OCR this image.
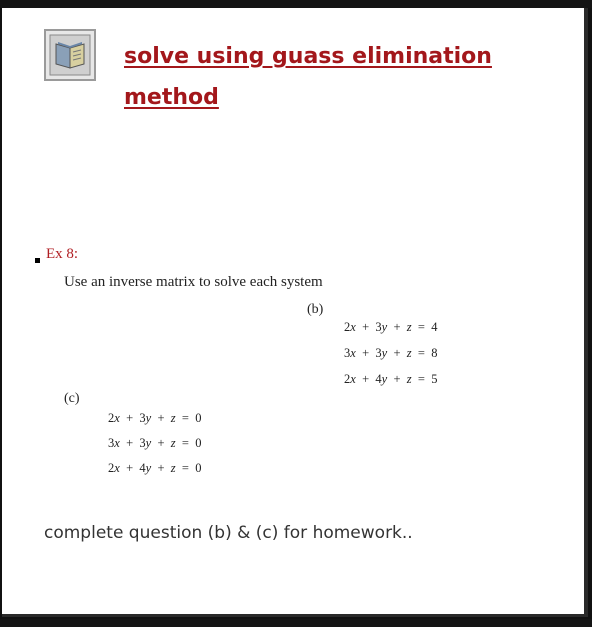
solve using guass elimination
method
Ex 8:
Use an inverse matrix to solve each system
(b)
2x  +  3y  +  z  =  4
3x  +  3y  +  z  =  8
2x  +  4y  +  z  =  5
(c)
2x  +  3y  +  z  =  0
3x  +  3y  +  z  =  0
2x  +  4y  +  z  =  0
complete question (b) & (c) for homework..
